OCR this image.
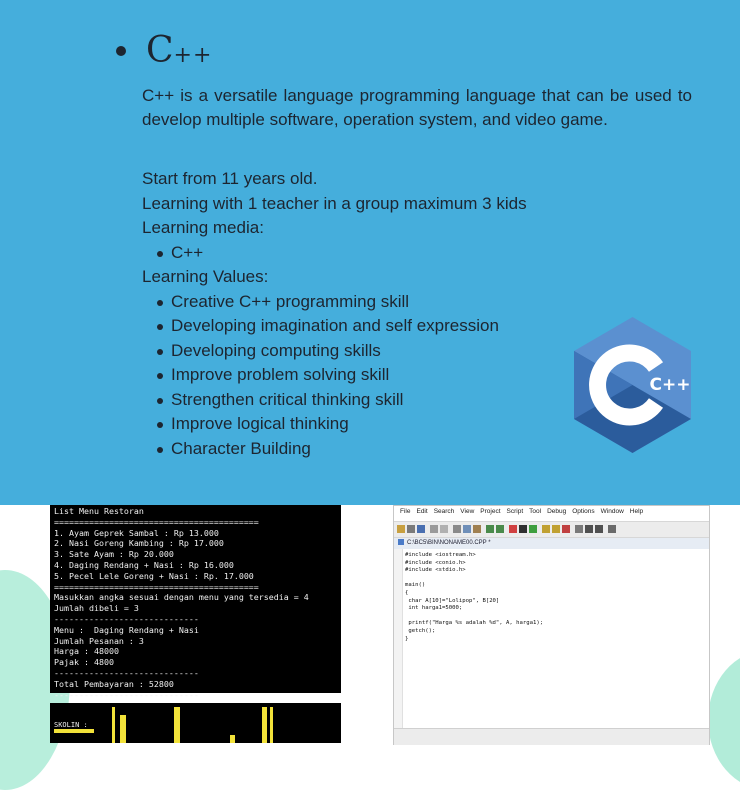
C++
C++ is a versatile language programming language that can be used to develop multiple software, operation system, and video game.
Start from 11 years old.
Learning with 1 teacher in a group maximum 3 kids
Learning media:
C++
Learning Values:
Creative C++ programming skill
Developing imagination and self expression
Developing computing skills
Improve problem solving skill
Strengthen critical thinking skill
Improve logical thinking
Character Building
C++
List Menu Restoran
=========================================
1. Ayam Geprek Sambal : Rp 13.000
2. Nasi Goreng Kambing : Rp 17.000
3. Sate Ayam : Rp 20.000
4. Daging Rendang + Nasi : Rp 16.000
5. Pecel Lele Goreng + Nasi : Rp. 17.000
=========================================
Masukkan angka sesuai dengan menu yang tersedia = 4
Jumlah dibeli = 3
-----------------------------
Menu :  Daging Rendang + Nasi
Jumlah Pesanan : 3
Harga : 48000
Pajak : 4800
-----------------------------
Total Pembayaran : 52800
-----------------------------

SKOLIN :

File Edit Search View Project Script Tool Debug Options Window Help
C:\BC5\BIN\NONAME00.CPP *
#include <iostream.h>
#include <conio.h>
#include <stdio.h>

main()
{
char A[10]="Lolipop", B[20]
int harga1=5000;

printf("Harga %s adalah %d", A, harga1);
getch();
}
